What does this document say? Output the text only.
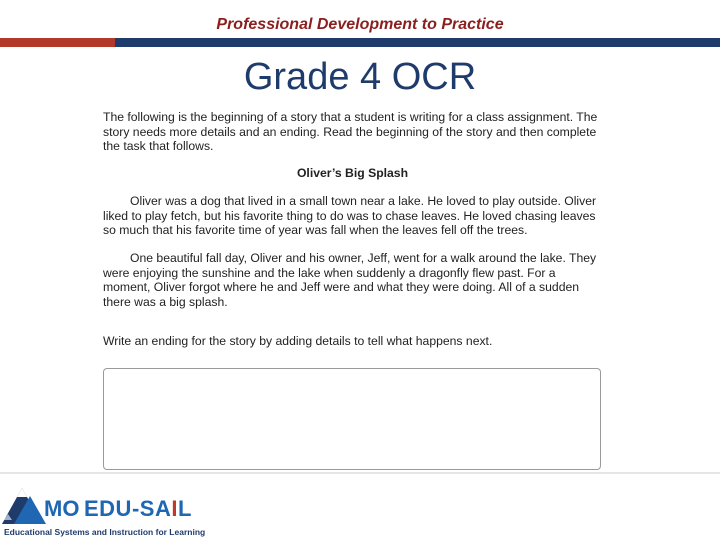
Professional Development to Practice
Grade 4 OCR
The following is the beginning of a story that a student is writing for a class assignment. The story needs more details and an ending. Read the beginning of the story and then complete the task that follows.
Oliver’s Big Splash
Oliver was a dog that lived in a small town near a lake. He loved to play outside. Oliver liked to play fetch, but his favorite thing to do was to chase leaves. He loved chasing leaves so much that his favorite time of year was fall when the leaves fell off the trees.
One beautiful fall day, Oliver and his owner, Jeff, went for a walk around the lake. They were enjoying the sunshine and the lake when suddenly a dragonfly flew past. For a moment, Oliver forgot where he and Jeff were and what they were doing. All of a sudden there was a big splash.
Write an ending for the story by adding details to tell what happens next.
MO EDU-SAIL
Educational Systems and Instruction for Learning
